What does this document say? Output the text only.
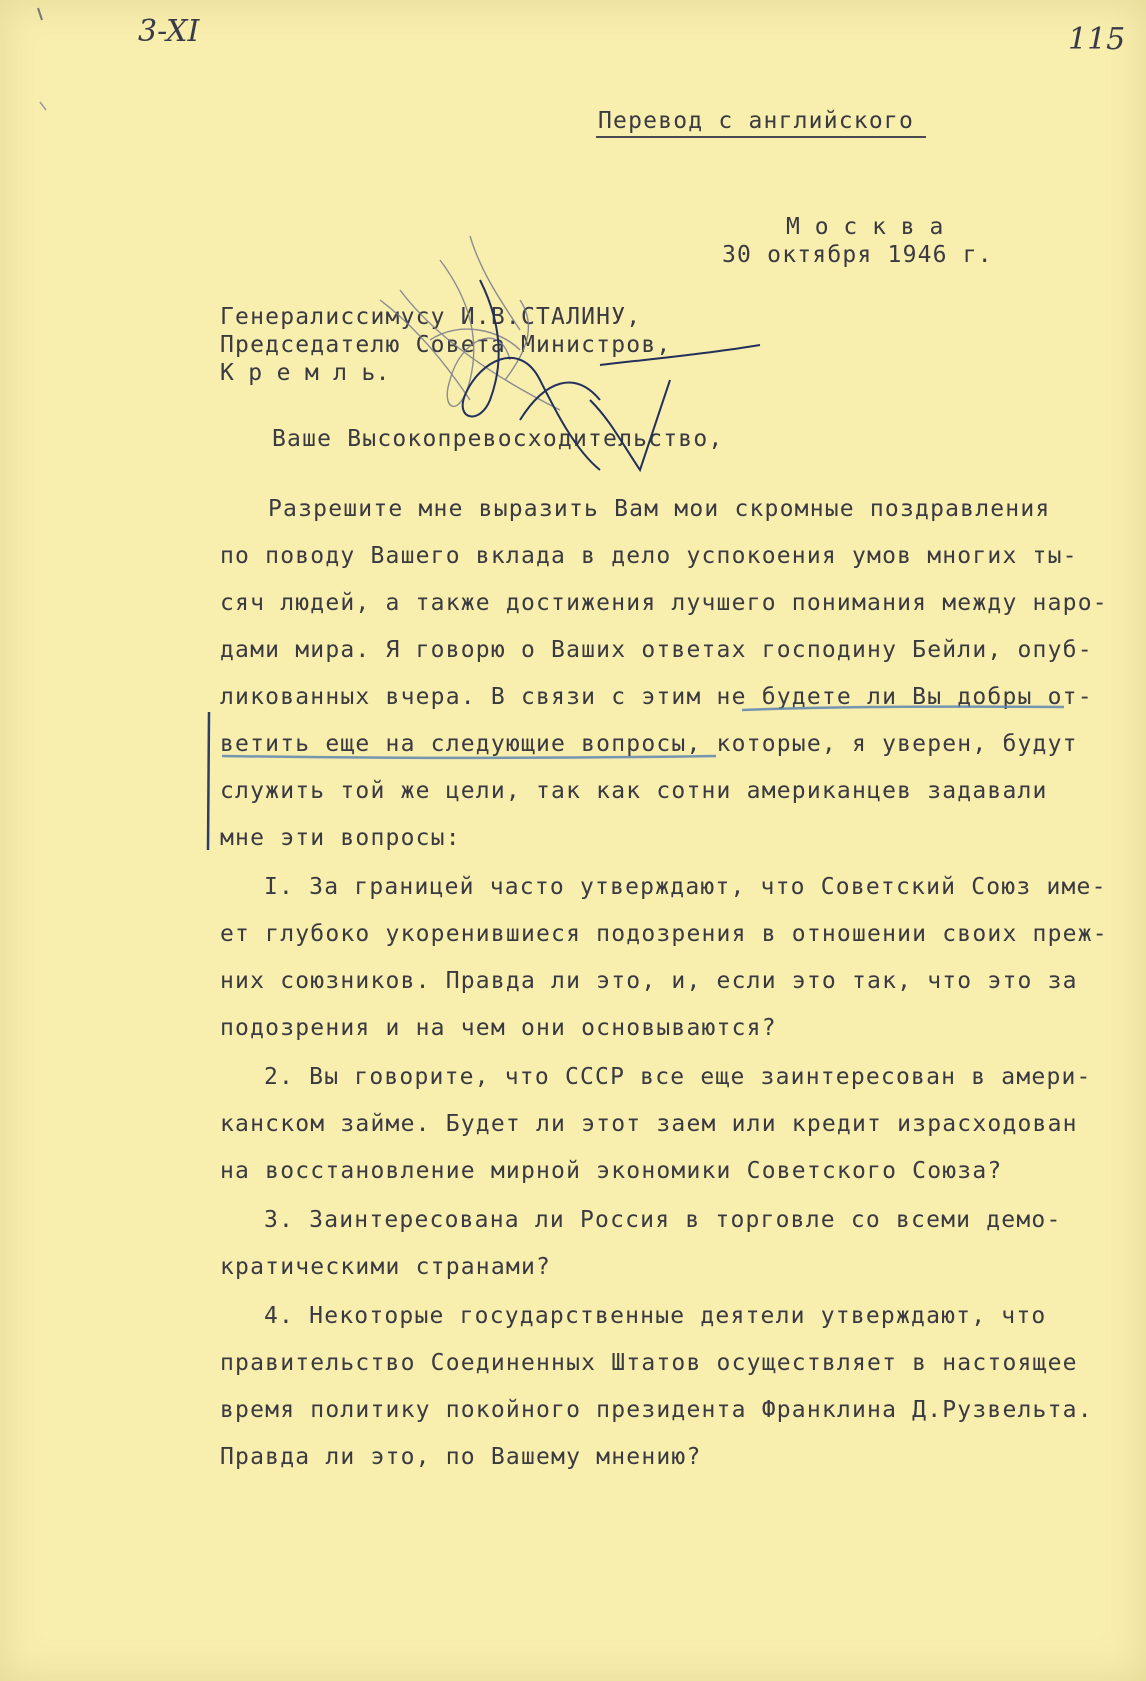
115
3-XI
Перевод с английского
М о с к в а
30 октября 1946 г.
Генералиссимусу И.В.СТАЛИНУ,
Председателю Совета Министров,
К р е м л ь.
Ваше Высокопревосходительство,
Разрешите мне выразить Вам мои скромные поздравления
по поводу Вашего вклада в дело успокоения умов многих ты-
сяч людей, а также достижения лучшего понимания между наро-
дами мира. Я говорю о Ваших ответах господину Бейли, опуб-
ликованных вчера. В связи с этим не будете ли Вы добры от-
ветить еще на следующие вопросы, которые, я уверен, будут
служить той же цели, так как сотни американцев задавали
мне эти вопросы:
I. За границей часто утверждают, что Советский Союз име-
ет глубоко укоренившиеся подозрения в отношении своих преж-
них союзников. Правда ли это, и, если это так, что это за
подозрения и на чем они основываются?
2. Вы говорите, что СССР все еще заинтересован в амери-
канском займе. Будет ли этот заем или кредит израсходован
на восстановление мирной экономики Советского Союза?
3. Заинтересована ли Россия в торговле со всеми демо-
кратическими странами?
4. Некоторые государственные деятели утверждают, что
правительство Соединенных Штатов осуществляет в настоящее
время политику покойного президента Франклина Д.Рузвельта.
Правда ли это, по Вашему мнению?
